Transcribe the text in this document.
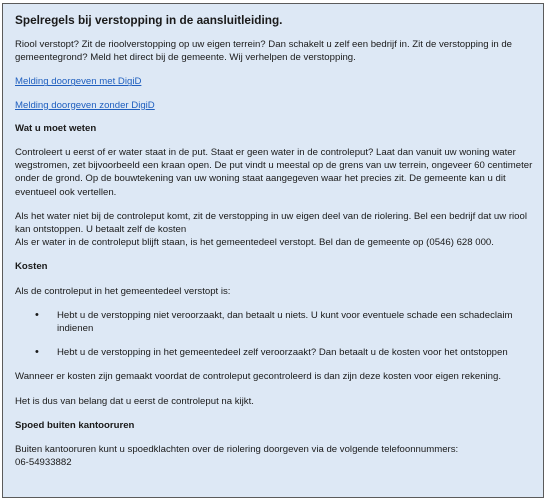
Spelregels bij verstopping in de aansluitleiding.

Riool verstopt? Zit de rioolverstopping op uw eigen terrein? Dan schakelt u zelf een bedrijf in. Zit de verstopping in de gemeentegrond? Meld het direct bij de gemeente. Wij verhelpen de verstopping.

Melding doorgeven met DigiD

Melding doorgeven zonder DigiD

Wat u moet weten

Controleert u eerst of er water staat in de put. Staat er geen water in de controleput? Laat dan vanuit uw woning water wegstromen, zet bijvoorbeeld een kraan open. De put vindt u meestal op de grens van uw terrein, ongeveer 60 centimeter onder de grond. Op de bouwtekening van uw woning staat aangegeven waar het precies zit. De gemeente kan u dit eventueel ook vertellen.

Als het water niet bij de controleput komt, zit de verstopping in uw eigen deel van de riolering. Bel een bedrijf dat uw riool kan ontstoppen. U betaalt zelf de kosten
Als er water in de controleput blijft staan, is het gemeentedeel verstopt. Bel dan de gemeente op (0546) 628 000.

Kosten

Als de controleput in het gemeentedeel verstopt is:

• Hebt u de verstopping niet veroorzaakt, dan betaalt u niets. U kunt voor eventuele schade een schadeclaim indienen
• Hebt u de verstopping in het gemeentedeel zelf veroorzaakt? Dan betaalt u de kosten voor het ontstoppen

Wanneer er kosten zijn gemaakt voordat de controleput gecontroleerd is dan zijn deze kosten voor eigen rekening.

Het is dus van belang dat u eerst de controleput na kijkt.

Spoed buiten kantooruren

Buiten kantooruren kunt u spoedklachten over de riolering doorgeven via de volgende telefoonnummers:
06-54933882
